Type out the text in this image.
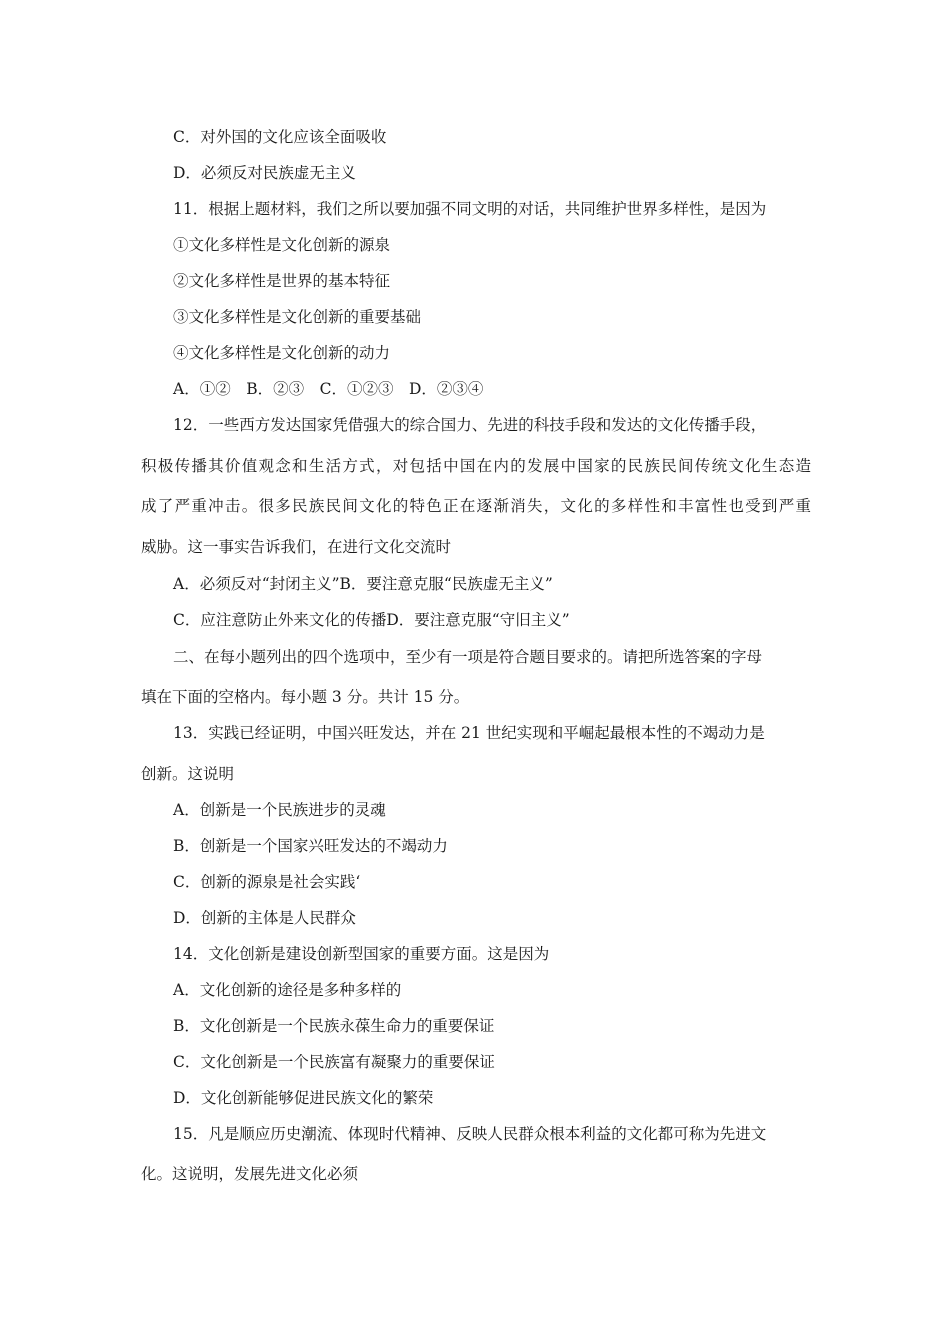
C．对外国的文化应该全面吸收
D．必须反对民族虚无主义
11．根据上题材料，我们之所以要加强不同文明的对话，共同维护世界多样性，是因为
①文化多样性是文化创新的源泉
②文化多样性是世界的基本特征
③文化多样性是文化创新的重要基础
④文化多样性是文化创新的动力
A．①②　B．②③　C．①②③　D．②③④
12．一些西方发达国家凭借强大的综合国力、先进的科技手段和发达的文化传播手段，
积极传播其价值观念和生活方式，对包括中国在内的发展中国家的民族民间传统文化生态造
成了严重冲击。很多民族民间文化的特色正在逐渐消失，文化的多样性和丰富性也受到严重
威胁。这一事实告诉我们，在进行文化交流时
A．必须反对“封闭主义”B．要注意克服“民族虚无主义”
C．应注意防止外来文化的传播D．要注意克服“守旧主义”
二、在每小题列出的四个选项中，至少有一项是符合题目要求的。请把所选答案的字母
填在下面的空格内。每小题 3 分。共计 15 分。
13．实践已经证明，中国兴旺发达，并在 21 世纪实现和平崛起最根本性的不竭动力是
创新。这说明
A．创新是一个民族进步的灵魂
B．创新是一个国家兴旺发达的不竭动力
C．创新的源泉是社会实践‘
D．创新的主体是人民群众
14．文化创新是建设创新型国家的重要方面。这是因为
A．文化创新的途径是多种多样的
B．文化创新是一个民族永葆生命力的重要保证
C．文化创新是一个民族富有凝聚力的重要保证
D．文化创新能够促进民族文化的繁荣
15．凡是顺应历史潮流、体现时代精神、反映人民群众根本利益的文化都可称为先进文
化。这说明，发展先进文化必须
